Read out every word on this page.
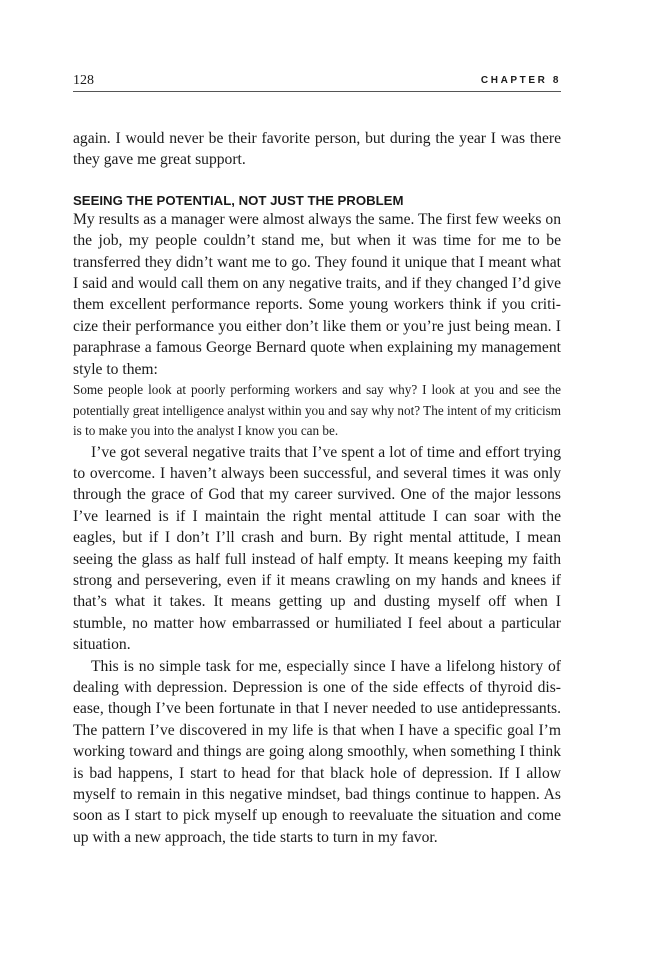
128	CHAPTER 8

again. I would never be their favorite person, but during the year I was there they gave me great support.

SEEING THE POTENTIAL, NOT JUST THE PROBLEM

My results as a manager were almost always the same. The first few weeks on the job, my people couldn’t stand me, but when it was time for me to be transferred they didn’t want me to go. They found it unique that I meant what I said and would call them on any negative traits, and if they changed I’d give them excellent performance reports. Some young workers think if you criticize their performance you either don’t like them or you’re just being mean. I paraphrase a famous George Bernard quote when explaining my management style to them:

Some people look at poorly performing workers and say why? I look at you and see the potentially great intelligence analyst within you and say why not? The intent of my criticism is to make you into the analyst I know you can be.

I’ve got several negative traits that I’ve spent a lot of time and effort trying to overcome. I haven’t always been successful, and several times it was only through the grace of God that my career survived. One of the major lessons I’ve learned is if I maintain the right mental attitude I can soar with the eagles, but if I don’t I’ll crash and burn. By right mental attitude, I mean seeing the glass as half full instead of half empty. It means keeping my faith strong and persevering, even if it means crawling on my hands and knees if that’s what it takes. It means getting up and dusting myself off when I stumble, no matter how embarrassed or humiliated I feel about a particular situation.

This is no simple task for me, especially since I have a lifelong history of dealing with depression. Depression is one of the side effects of thyroid disease, though I’ve been fortunate in that I never needed to use antidepressants. The pattern I’ve discovered in my life is that when I have a specific goal I’m working toward and things are going along smoothly, when something I think is bad happens, I start to head for that black hole of depression. If I allow myself to remain in this negative mindset, bad things continue to happen. As soon as I start to pick myself up enough to reevaluate the situation and come up with a new approach, the tide starts to turn in my favor.
